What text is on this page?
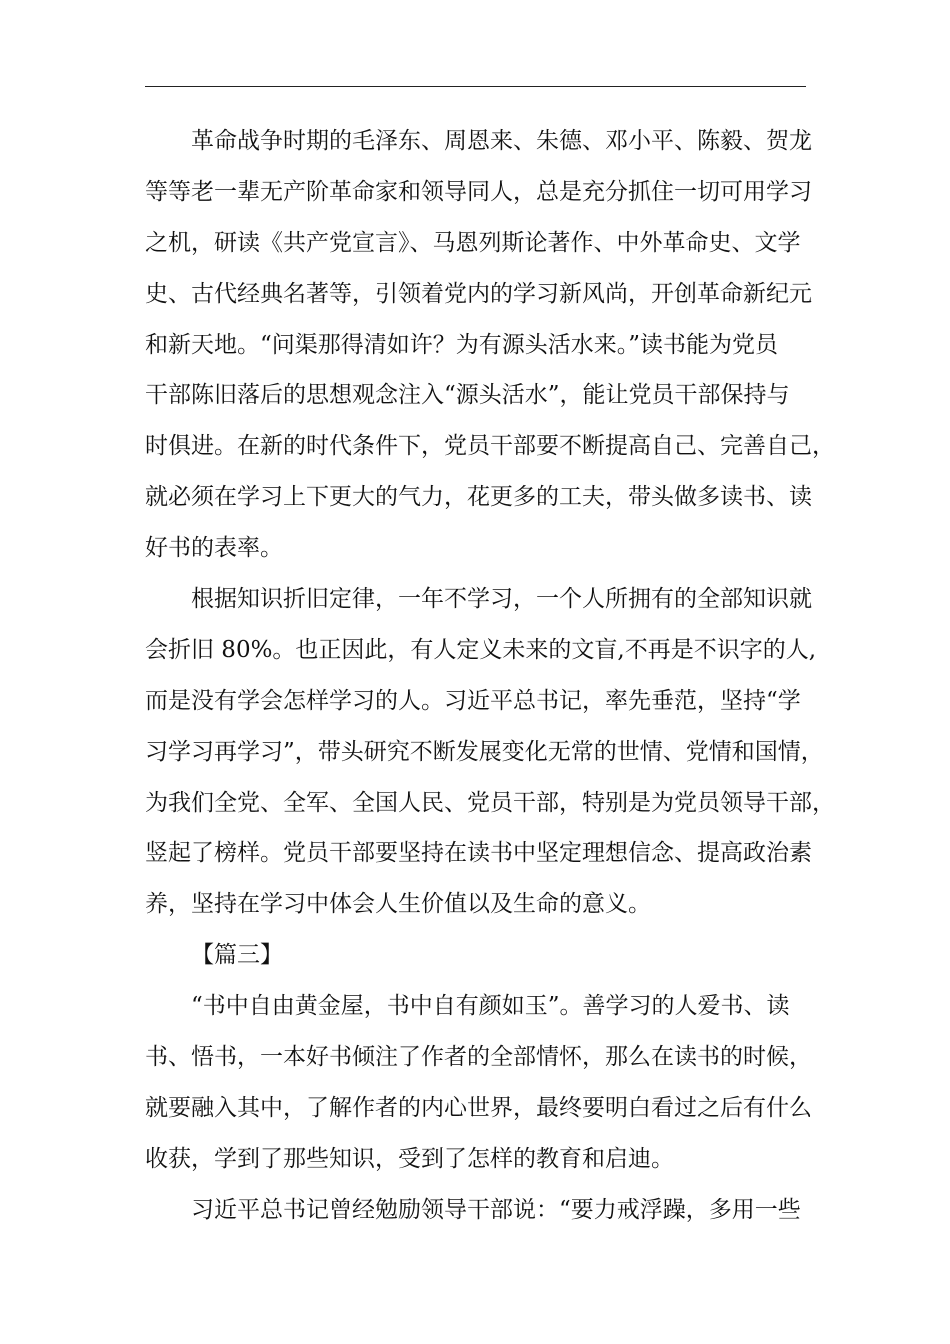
革命战争时期的毛泽东、周恩来、朱德、邓小平、陈毅、贺龙
等等老一辈无产阶革命家和领导同人，总是充分抓住一切可用学习
之机，研读《共产党宣言》、马恩列斯论著作、中外革命史、文学
史、古代经典名著等，引领着党内的学习新风尚，开创革命新纪元
和新天地。“问渠那得清如许？为有源头活水来。”读书能为党员
干部陈旧落后的思想观念注入“源头活水”，能让党员干部保持与
时俱进。在新的时代条件下，党员干部要不断提高自己、完善自己，
就必须在学习上下更大的气力，花更多的工夫，带头做多读书、读
好书的表率。
根据知识折旧定律，一年不学习，一个人所拥有的全部知识就
会折旧 80%。也正因此，有人定义未来的文盲,不再是不识字的人,
而是没有学会怎样学习的人。习近平总书记，率先垂范，坚持“学
习学习再学习”，带头研究不断发展变化无常的世情、党情和国情，
为我们全党、全军、全国人民、党员干部，特别是为党员领导干部，
竖起了榜样。党员干部要坚持在读书中坚定理想信念、提高政治素
养，坚持在学习中体会人生价值以及生命的意义。
【篇三】
“书中自由黄金屋，书中自有颜如玉”。善学习的人爱书、读
书、悟书，一本好书倾注了作者的全部情怀，那么在读书的时候，
就要融入其中，了解作者的内心世界，最终要明白看过之后有什么
收获，学到了那些知识，受到了怎样的教育和启迪。
习近平总书记曾经勉励领导干部说：“要力戒浮躁，多用一些
